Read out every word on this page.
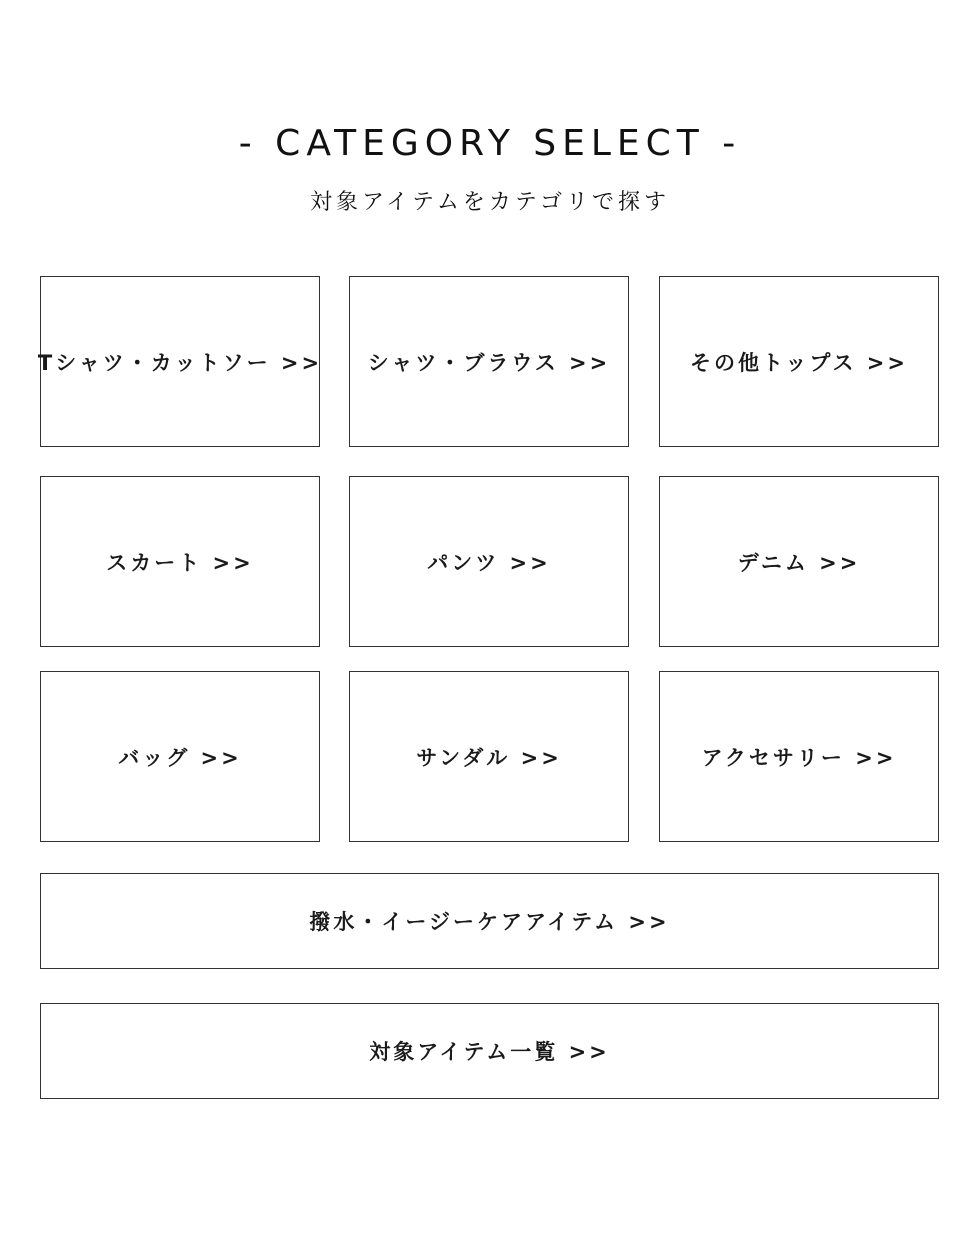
- CATEGORY SELECT -
対象アイテムをカテゴリで探す
Tシャツ・カットソー >> シャツ・ブラウス >>	その他トップス >>
スカート >>	パンツ >>	デニム >>
バッグ >>	サンダル >>	アクセサリー >>
撥水・イージーケアアイテム >>
対象アイテム一覧 >>
